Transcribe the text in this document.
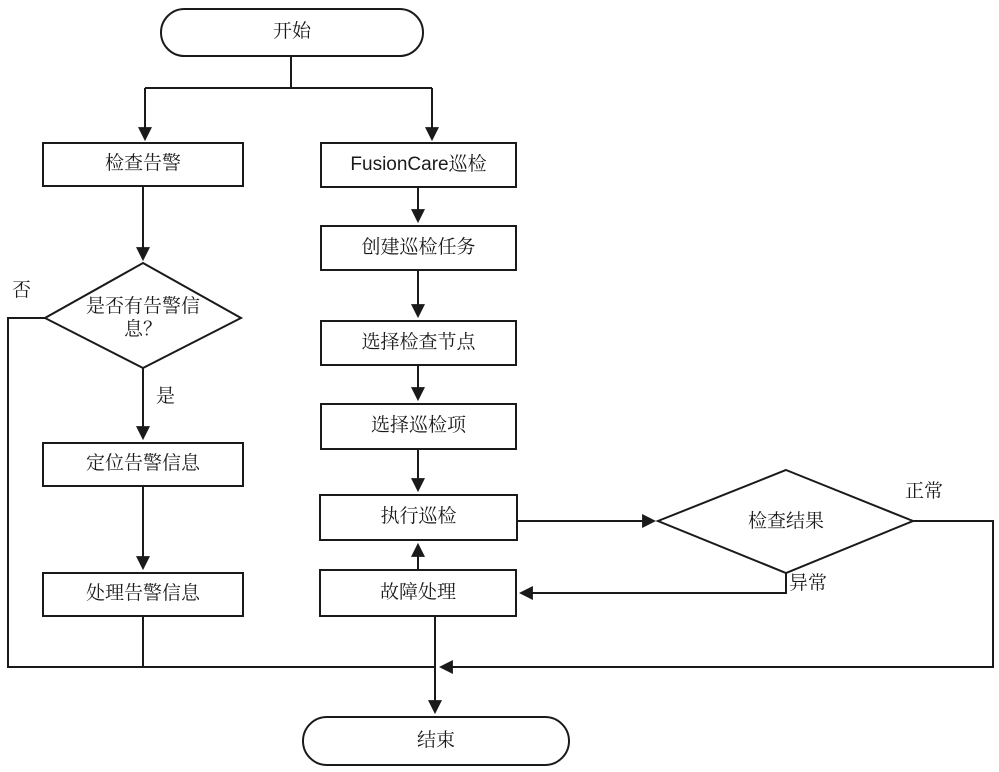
开始
结束
检查告警
定位告警信息
处理告警信息
FusionCare巡检
创建巡检任务
选择检查节点
选择巡检项
执行巡检
故障处理
是否有告警信息？
检查结果
否
是
正常
异常
